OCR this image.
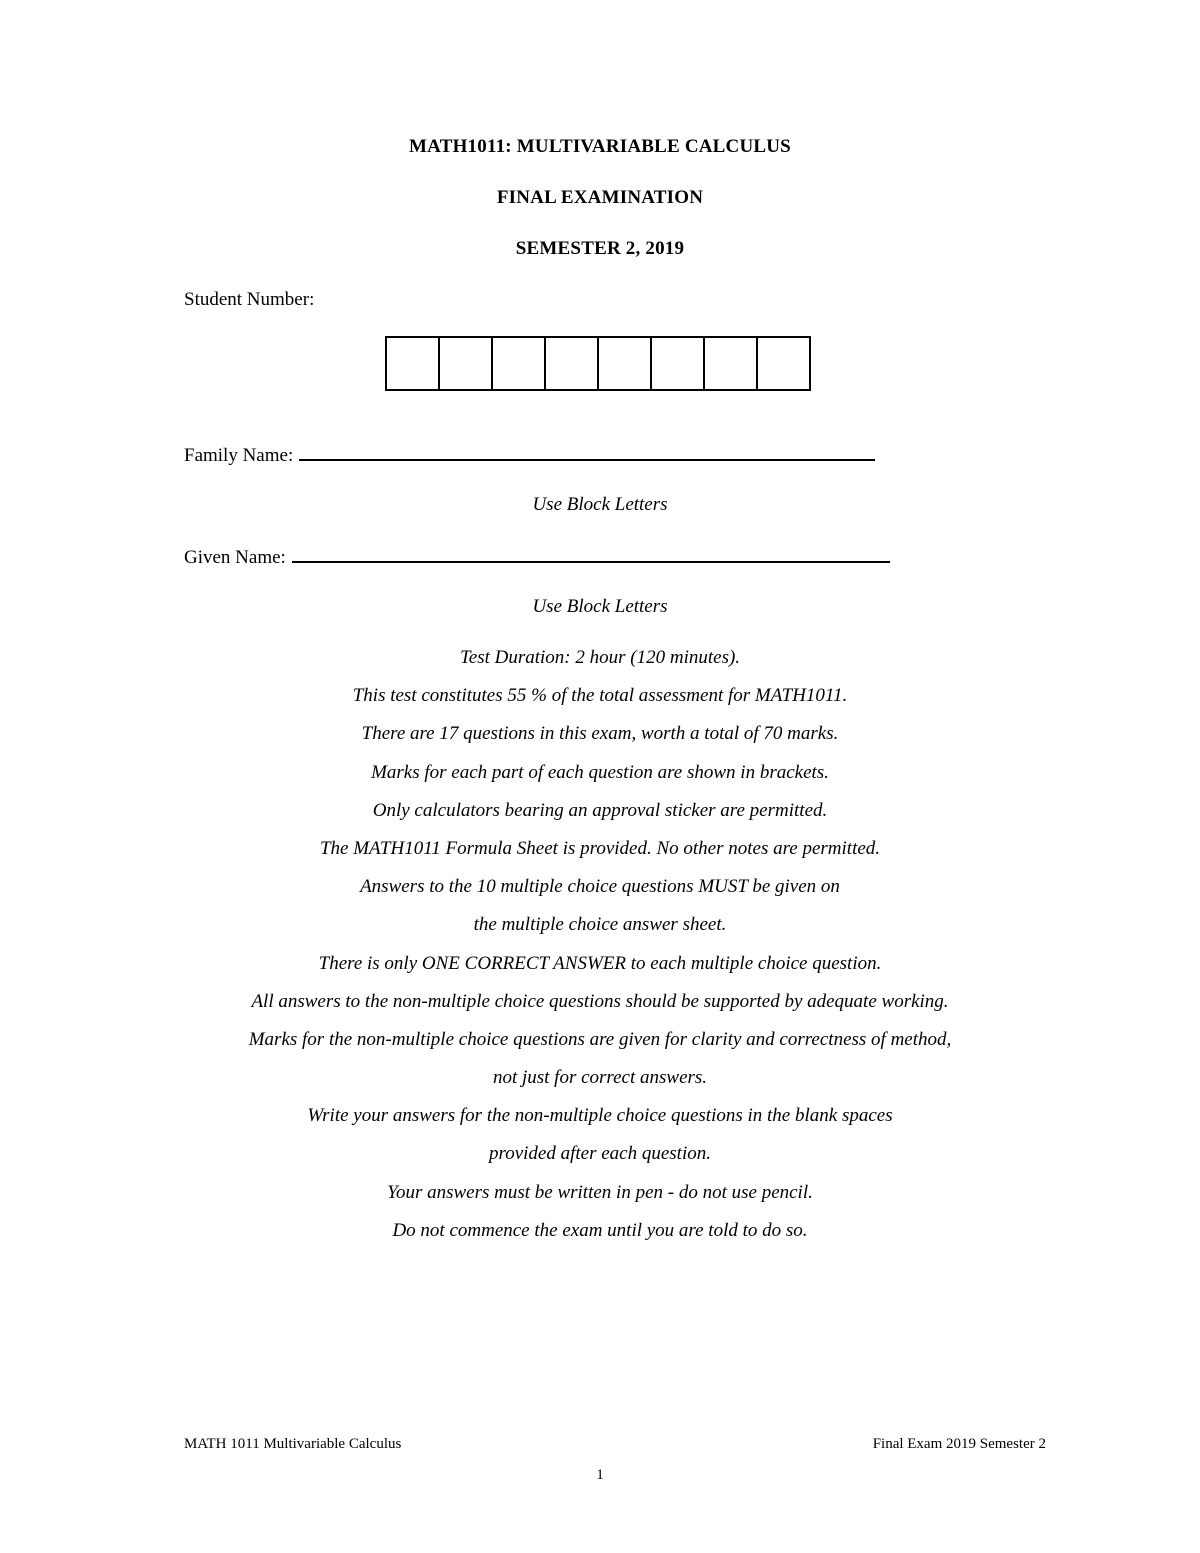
MATH1011: MULTIVARIABLE CALCULUS
FINAL EXAMINATION
SEMESTER 2, 2019
Student Number:
Family Name:
Use Block Letters
Given Name:
Use Block Letters
Test Duration: 2 hour (120 minutes).
This test constitutes 55 % of the total assessment for MATH1011.
There are 17 questions in this exam, worth a total of 70 marks.
Marks for each part of each question are shown in brackets.
Only calculators bearing an approval sticker are permitted.
The MATH1011 Formula Sheet is provided. No other notes are permitted.
Answers to the 10 multiple choice questions MUST be given on
the multiple choice answer sheet.
There is only ONE CORRECT ANSWER to each multiple choice question.
All answers to the non-multiple choice questions should be supported by adequate working.
Marks for the non-multiple choice questions are given for clarity and correctness of method,
not just for correct answers.
Write your answers for the non-multiple choice questions in the blank spaces
provided after each question.
Your answers must be written in pen - do not use pencil.
Do not commence the exam until you are told to do so.
MATH 1011 Multivariable Calculus	Final Exam 2019 Semester 2
1
